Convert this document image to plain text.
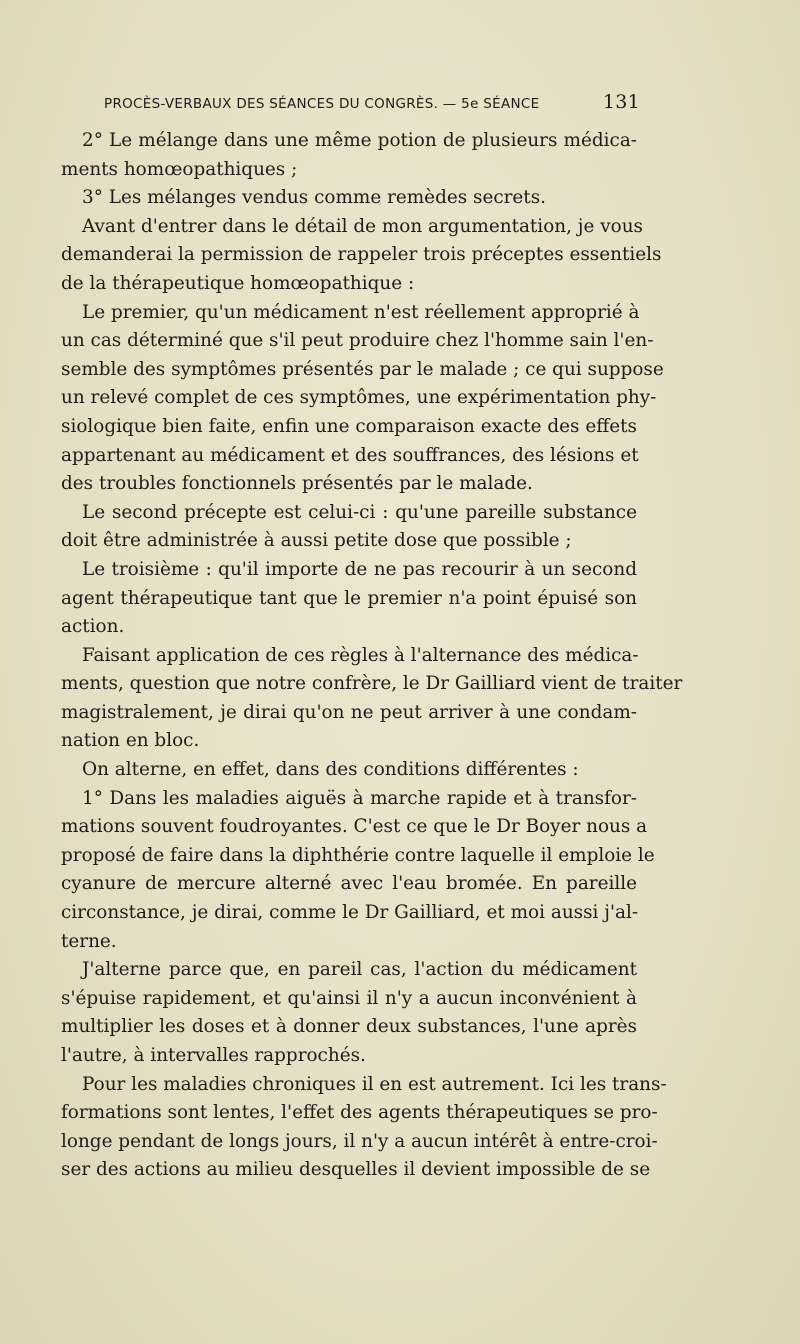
PROCÈS-VERBAUX DES SÉANCES DU CONGRÈS. — 5e SÉANCE	131
2° Le mélange dans une même potion de plusieurs médica-
ments homœopathiques ;
3° Les mélanges vendus comme remèdes secrets.
Avant d'entrer dans le détail de mon argumentation, je vous
demanderai la permission de rappeler trois préceptes essentiels
de la thérapeutique homœopathique :
Le premier, qu'un médicament n'est réellement approprié à
un cas déterminé que s'il peut produire chez l'homme sain l'en-
semble des symptômes présentés par le malade ; ce qui suppose
un relevé complet de ces symptômes, une expérimentation phy-
siologique bien faite, enfin une comparaison exacte des effets
appartenant au médicament et des souffrances, des lésions et
des troubles fonctionnels présentés par le malade.
Le second précepte est celui-ci : qu'une pareille substance
doit être administrée à aussi petite dose que possible ;
Le troisième : qu'il importe de ne pas recourir à un second
agent thérapeutique tant que le premier n'a point épuisé son
action.
Faisant application de ces règles à l'alternance des médica-
ments, question que notre confrère, le Dr Gailliard vient de traiter
magistralement, je dirai qu'on ne peut arriver à une condam-
nation en bloc.
On alterne, en effet, dans des conditions différentes :
1° Dans les maladies aiguës à marche rapide et à transfor-
mations souvent foudroyantes. C'est ce que le Dr Boyer nous a
proposé de faire dans la diphthérie contre laquelle il emploie le
cyanure de mercure alterné avec l'eau bromée. En pareille
circonstance, je dirai, comme le Dr Gailliard, et moi aussi j'al-
terne.
J'alterne parce que, en pareil cas, l'action du médicament
s'épuise rapidement, et qu'ainsi il n'y a aucun inconvénient à
multiplier les doses et à donner deux substances, l'une après
l'autre, à intervalles rapprochés.
Pour les maladies chroniques il en est autrement. Ici les trans-
formations sont lentes, l'effet des agents thérapeutiques se pro-
longe pendant de longs jours, il n'y a aucun intérêt à entre-croi-
ser des actions au milieu desquelles il devient impossible de se
